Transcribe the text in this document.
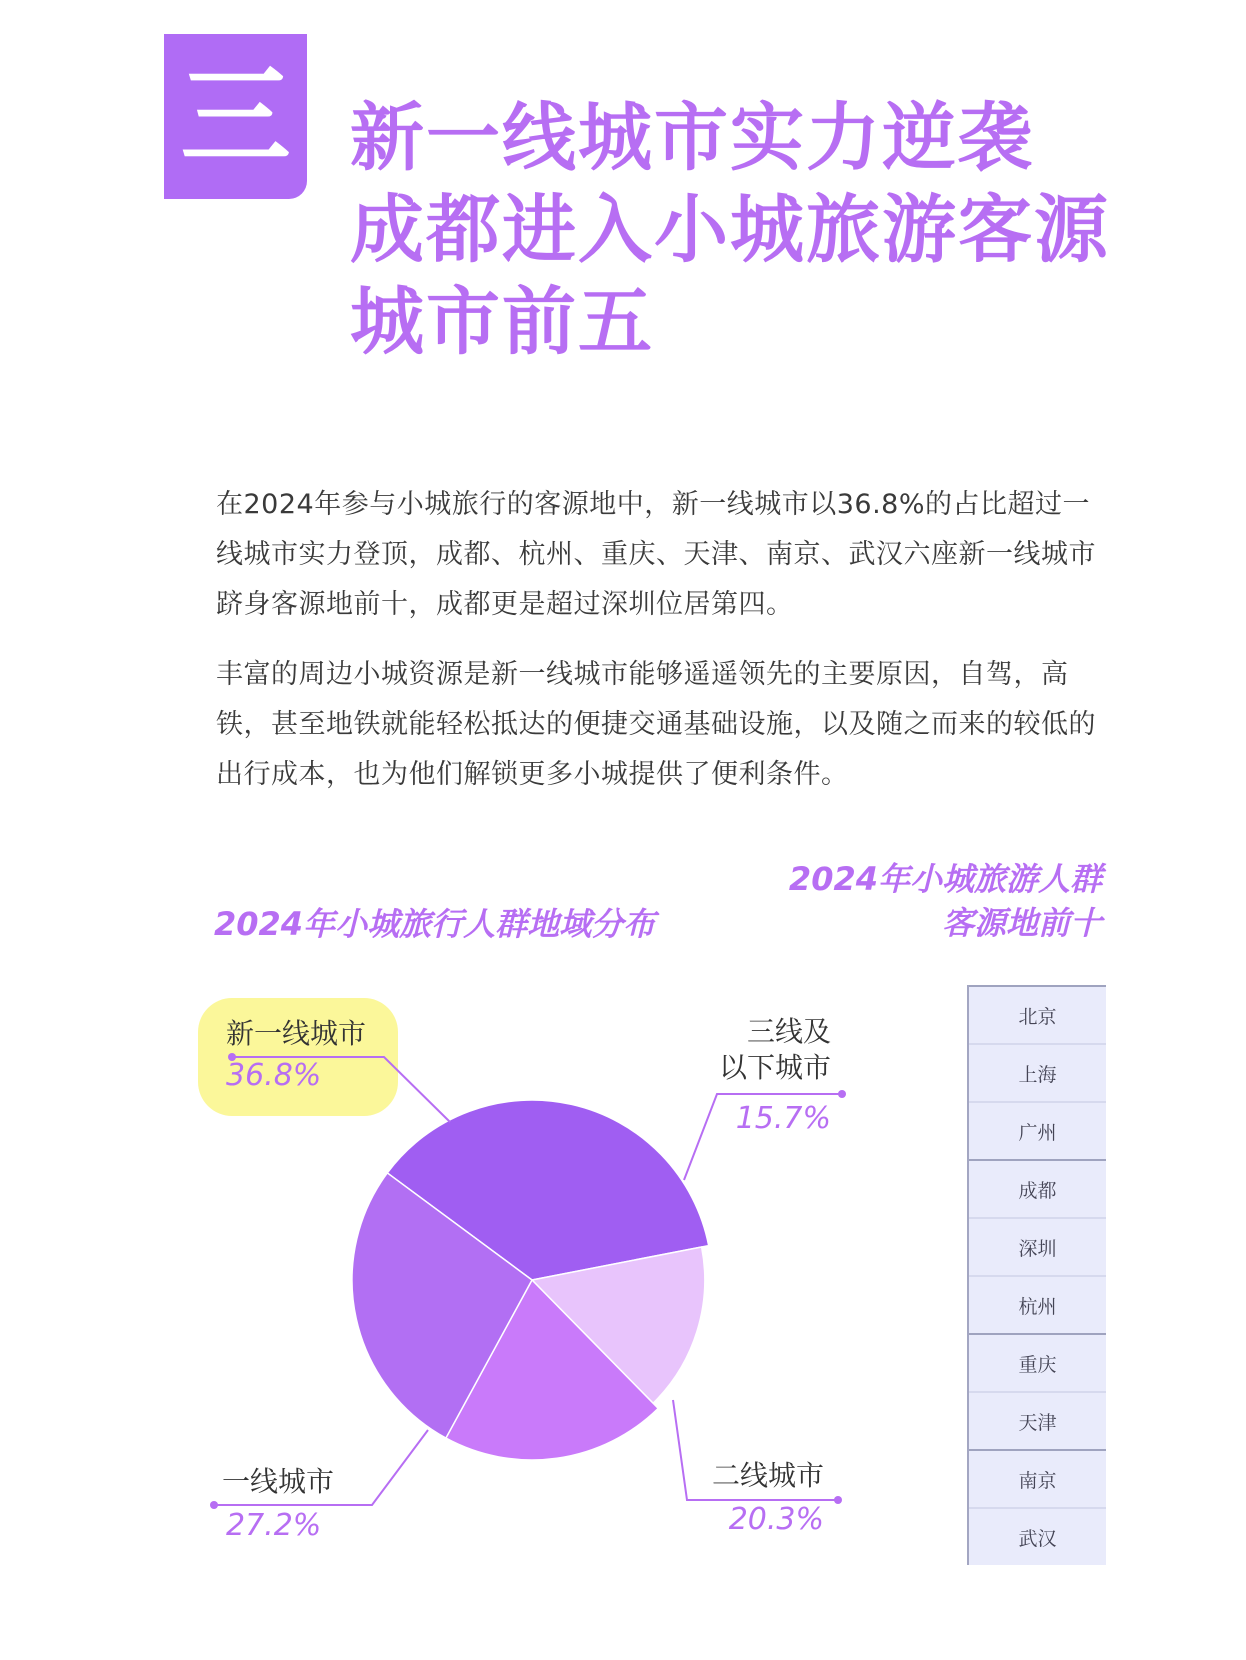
三 新一线城市实力逆袭
成都进入小城旅游客源
城市前五

在2024年参与小城旅行的客源地中，新一线城市以36.8%的占比超过一线城市实力登顶，成都、杭州、重庆、天津、南京、武汉六座新一线城市跻身客源地前十，成都更是超过深圳位居第四。

丰富的周边小城资源是新一线城市能够遥遥领先的主要原因，自驾，高铁，甚至地铁就能轻松抵达的便捷交通基础设施，以及随之而来的较低的出行成本，也为他们解锁更多小城提供了便利条件。

2024年小城旅行人群地域分布
2024年小城旅游人群
客源地前十
新一线城市
36.8%
三线及
以下城市
15.7%
二线城市
20.3%
一线城市
27.2%
北京
上海
广州
成都
深圳
杭州
重庆
天津
南京
武汉
